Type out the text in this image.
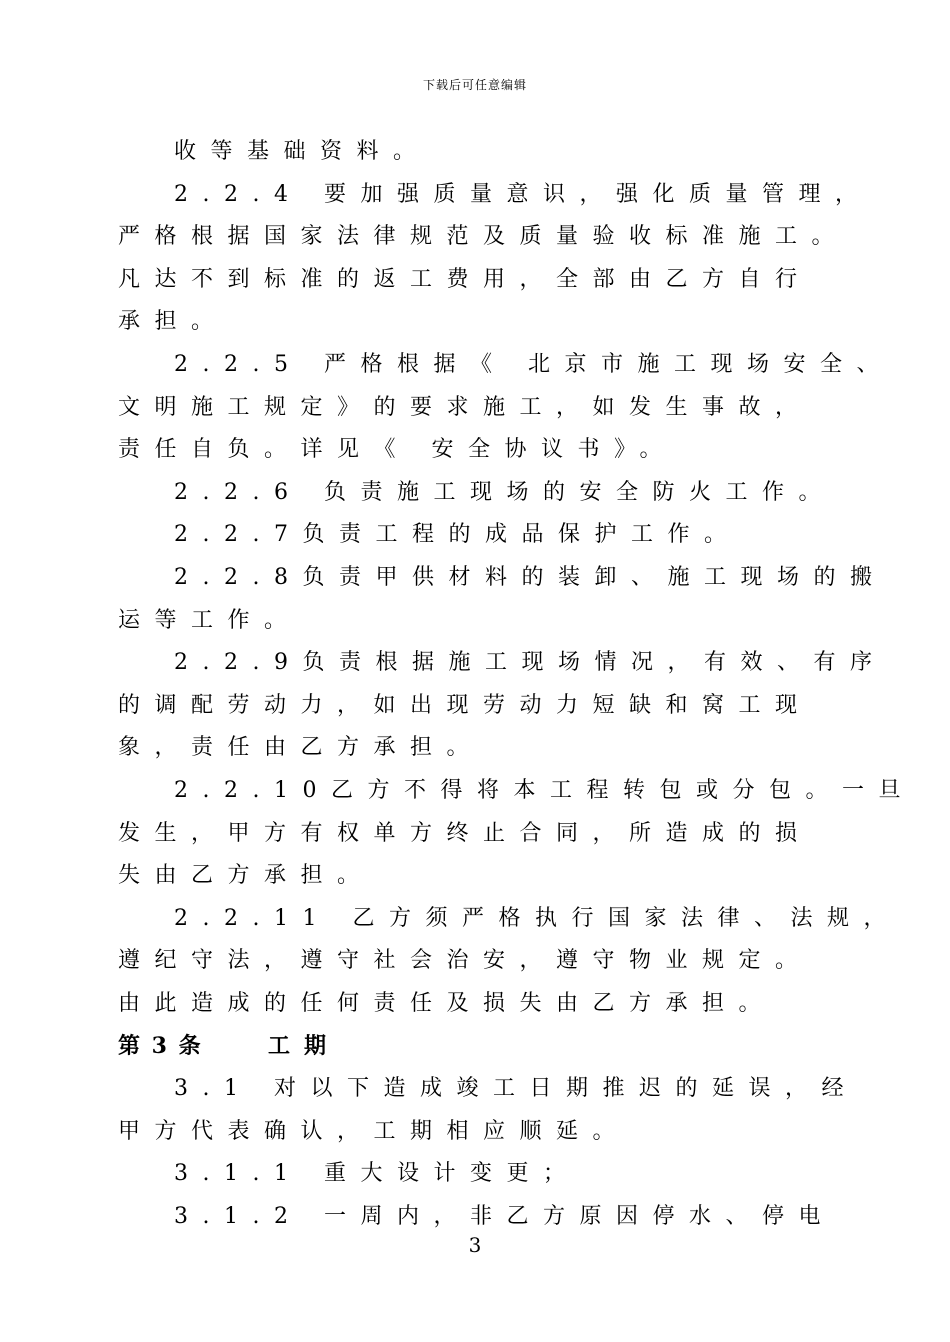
下载后可任意编辑
收等基础资料。
2.2.4 要加强质量意识，强化质量管理，
严格根据国家法律规范及质量验收标准施工。
凡达不到标准的返工费用，全部由乙方自行
承担。
2.2.5 严格根据《 北京市施工现场安全、
文明施工规定》的要求施工，如发生事故，
责任自负。详见《 安全协议书》。
2.2.6 负责施工现场的安全防火工作。
2.2.7负责工程的成品保护工作。
2.2.8负责甲供材料的装卸、施工现场的搬
运等工作。
2.2.9负责根据施工现场情况，有效、有序
的调配劳动力，如出现劳动力短缺和窝工现
象，责任由乙方承担。
2.2.10乙方不得将本工程转包或分包。一旦
发生，甲方有权单方终止合同，所造成的损
失由乙方承担。
2.2.11 乙方须严格执行国家法律、法规，
遵纪守法，遵守社会治安，遵守物业规定。
由此造成的任何责任及损失由乙方承担。
第 3 条	工期
3.1 对以下造成竣工日期推迟的延误，经
甲方代表确认，工期相应顺延。
3.1.1 重大设计变更；
3.1.2 一周内，非乙方原因停水、停电
3
